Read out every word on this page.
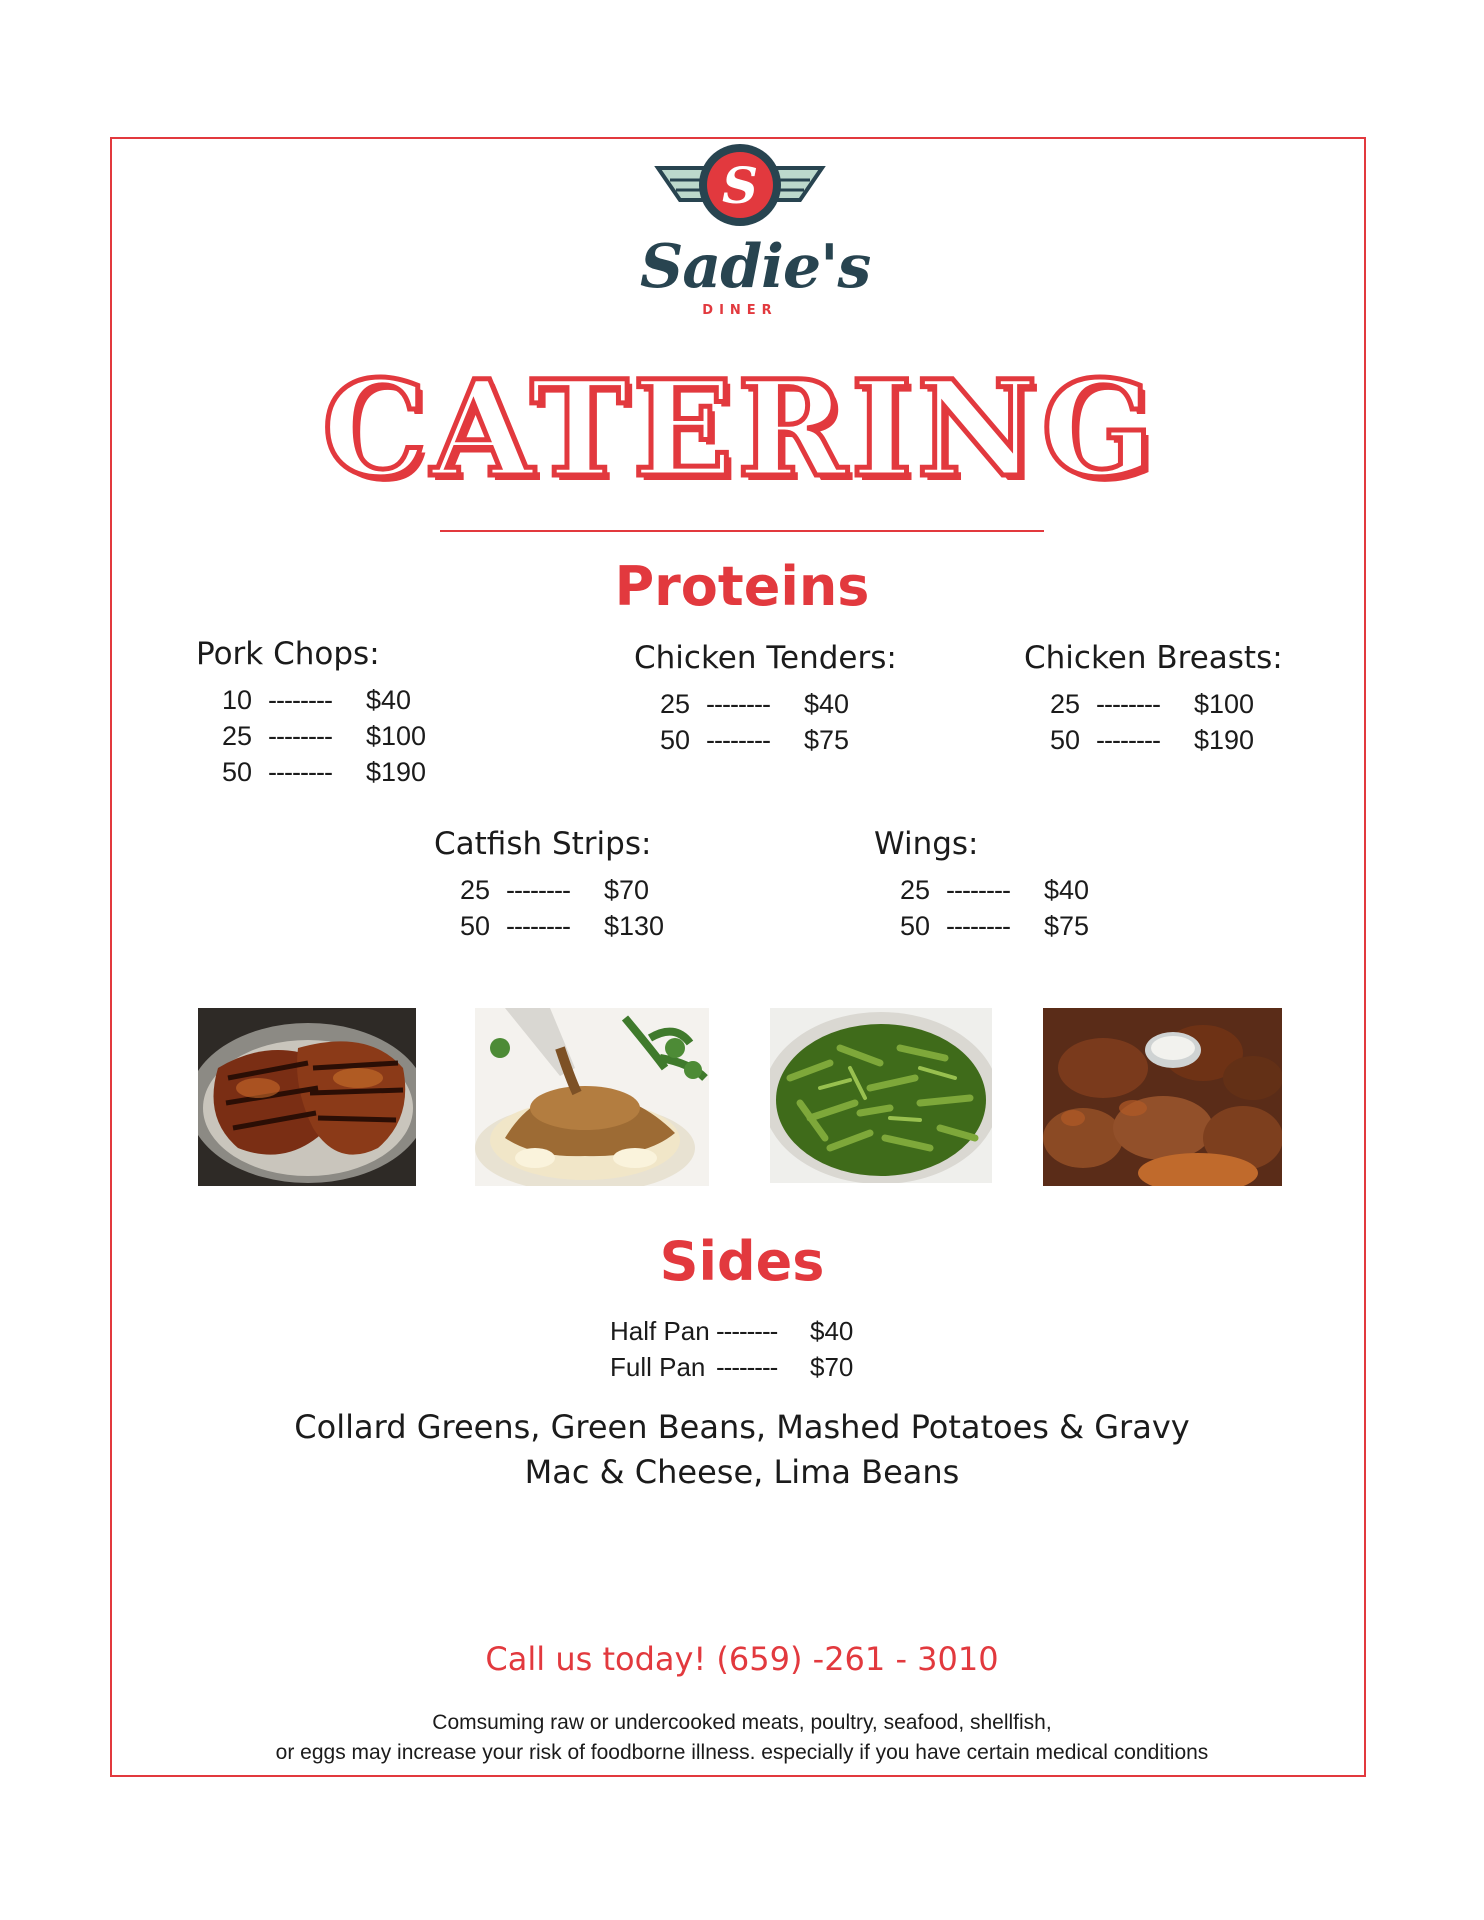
S
Sadie's
DINER
CATERING
Proteins
Pork Chops:
10 --------	$40
25 --------	$100
50 --------	$190
Chicken Tenders:
25 --------	$40
50 --------	$75
Chicken Breasts:
25 --------	$100
50 --------	$190
Catfish Strips:
25 --------	$70
50 --------	$130
Wings:
25 --------	$40
50 --------	$75
Sides
Half Pan --------	$40
Full Pan --------	$70
Collard Greens, Green Beans, Mashed Potatoes & Gravy
Mac & Cheese, Lima Beans
Call us today! (659) -261 - 3010
Comsuming raw or undercooked meats, poultry, seafood, shellfish,
or eggs may increase your risk of foodborne illness. especially if you have certain medical conditions
